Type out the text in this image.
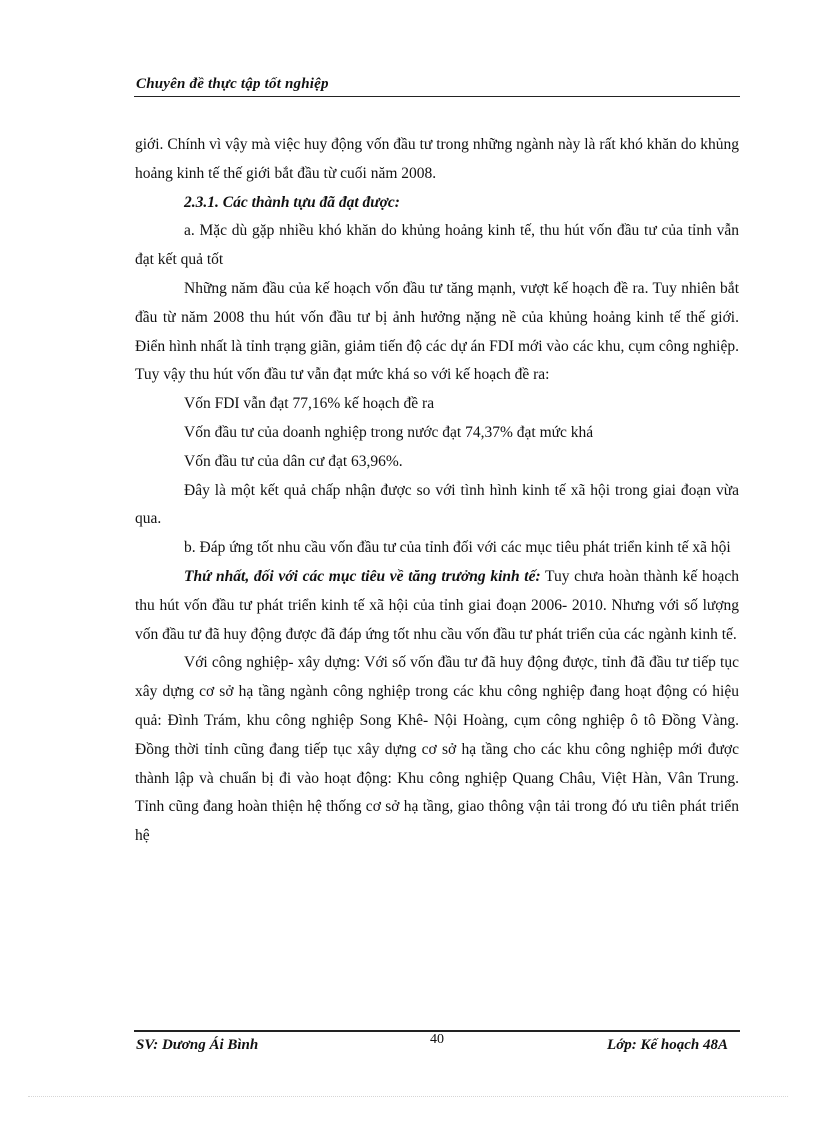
Chuyên đề thực tập tốt nghiệp

giới. Chính vì vậy mà việc huy động vốn đầu tư trong những ngành này là rất khó khăn do khủng hoảng kinh tế thế giới bắt đầu từ cuối năm 2008.

2.3.1. Các thành tựu đã đạt được:

a. Mặc dù gặp nhiều khó khăn do khủng hoảng kinh tế, thu hút vốn đầu tư của tỉnh vẫn đạt kết quả tốt

Những năm đầu của kế hoạch vốn đầu tư tăng mạnh, vượt kế hoạch đề ra. Tuy nhiên bắt đầu từ năm 2008 thu hút vốn đầu tư bị ảnh hưởng nặng nề của khủng hoảng kinh tế thế giới. Điển hình nhất là tỉnh trạng giãn, giảm tiến độ các dự án FDI mới vào các khu, cụm công nghiệp. Tuy vậy thu hút vốn đầu tư vẫn đạt mức khá so với kế hoạch đề ra:

Vốn FDI vẫn đạt 77,16% kế hoạch đề ra

Vốn đầu tư của doanh nghiệp trong nước đạt 74,37% đạt mức khá

Vốn đầu tư của dân cư đạt 63,96%.

Đây là một kết quả chấp nhận được so với tình hình kinh tế xã hội trong giai đoạn vừa qua.

b. Đáp ứng tốt nhu cầu vốn đầu tư của tỉnh đối với các mục tiêu phát triển kinh tế xã hội

Thứ nhất, đối với các mục tiêu về tăng trưởng kinh tế: Tuy chưa hoàn thành kế hoạch thu hút vốn đầu tư phát triển kinh tế xã hội của tỉnh giai đoạn 2006- 2010. Nhưng với số lượng vốn đầu tư đã huy động được đã đáp ứng tốt nhu cầu vốn đầu tư phát triển của các ngành kinh tế.

Với công nghiệp- xây dựng: Với số vốn đầu tư đã huy động được, tỉnh đã đầu tư tiếp tục xây dựng cơ sở hạ tầng ngành công nghiệp trong các khu công nghiệp đang hoạt động có hiệu quả: Đình Trám, khu công nghiệp Song Khê- Nội Hoàng, cụm công nghiệp ô tô Đồng Vàng. Đồng thời tỉnh cũng đang tiếp tục xây dựng cơ sở hạ tầng cho các khu công nghiệp mới được thành lập và chuẩn bị đi vào hoạt động: Khu công nghiệp Quang Châu, Việt Hàn, Vân Trung. Tỉnh cũng đang hoàn thiện hệ thống cơ sở hạ tầng, giao thông vận tải trong đó ưu tiên phát triển hệ

SV: Dương Ái Bình	40	Lớp: Kế hoạch 48A
